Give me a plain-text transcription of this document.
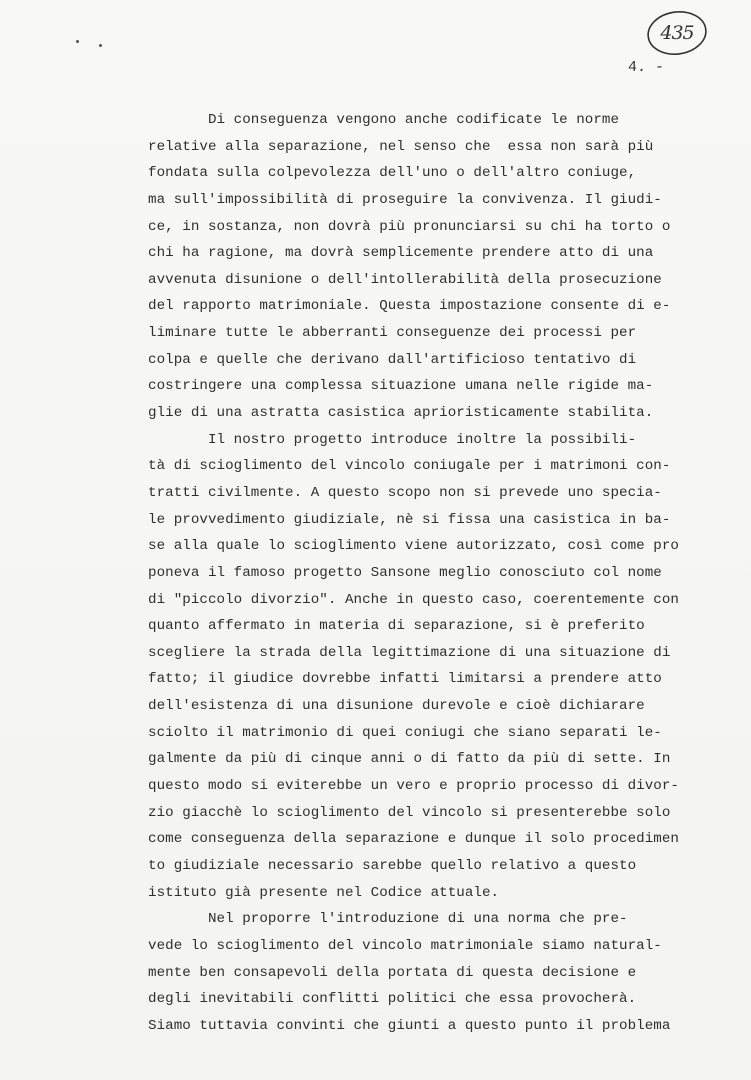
435
4. -
Di conseguenza vengono anche codificate le norme
relative alla separazione, nel senso che  essa non sarà più
fondata sulla colpevolezza dell'uno o dell'altro coniuge,
ma sull'impossibilità di proseguire la convivenza. Il giudi-
ce, in sostanza, non dovrà più pronunciarsi su chi ha torto o
chi ha ragione, ma dovrà semplicemente prendere atto di una
avvenuta disunione o dell'intollerabilità della prosecuzione
del rapporto matrimoniale. Questa impostazione consente di e-
liminare tutte le abberranti conseguenze dei processi per
colpa e quelle che derivano dall'artificioso tentativo di
costringere una complessa situazione umana nelle rigide ma-
glie di una astratta casistica aprioristicamente stabilita.
Il nostro progetto introduce inoltre la possibili-
tà di scioglimento del vincolo coniugale per i matrimoni con-
tratti civilmente. A questo scopo non si prevede uno specia-
le provvedimento giudiziale, nè si fissa una casistica in ba-
se alla quale lo scioglimento viene autorizzato, così come pro
poneva il famoso progetto Sansone meglio conosciuto col nome
di "piccolo divorzio". Anche in questo caso, coerentemente con
quanto affermato in materia di separazione, si è preferito
scegliere la strada della legittimazione di una situazione di
fatto; il giudice dovrebbe infatti limitarsi a prendere atto
dell'esistenza di una disunione durevole e cioè dichiarare
sciolto il matrimonio di quei coniugi che siano separati le-
galmente da più di cinque anni o di fatto da più di sette. In
questo modo si eviterebbe un vero e proprio processo di divor-
zio giacchè lo scioglimento del vincolo si presenterebbe solo
come conseguenza della separazione e dunque il solo procedimen
to giudiziale necessario sarebbe quello relativo a questo
istituto già presente nel Codice attuale.
Nel proporre l'introduzione di una norma che pre-
vede lo scioglimento del vincolo matrimoniale siamo natural-
mente ben consapevoli della portata di questa decisione e
degli inevitabili conflitti politici che essa provocherà.
Siamo tuttavia convinti che giunti a questo punto il problema
